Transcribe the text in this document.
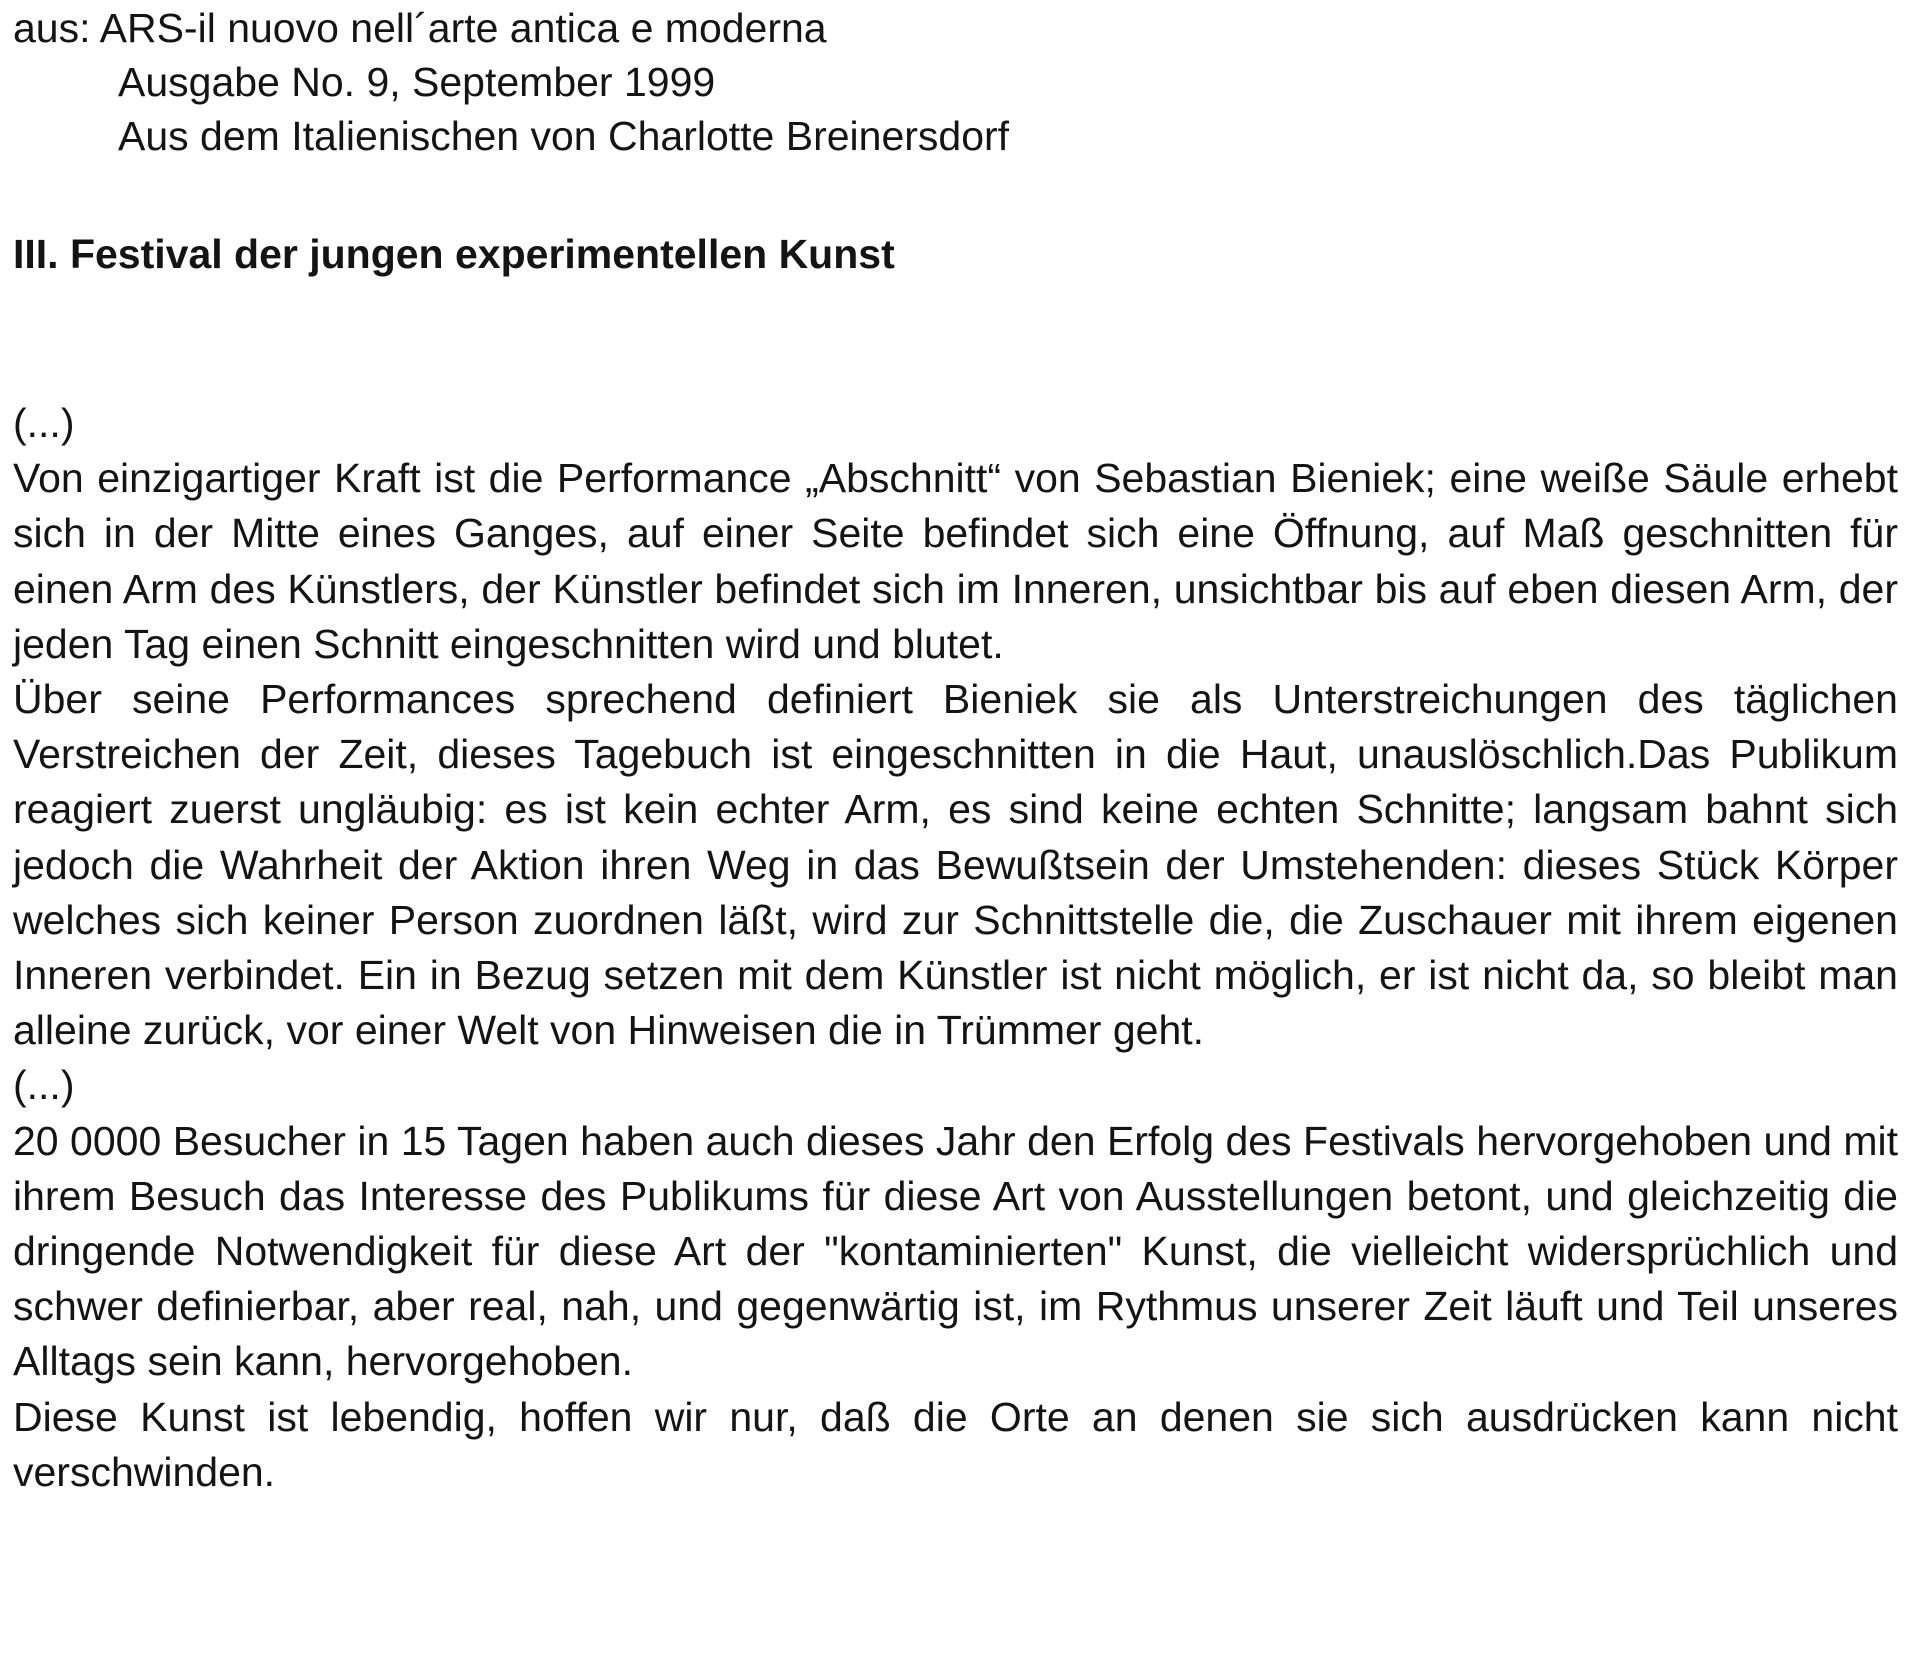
aus: ARS-il nuovo nell´arte antica e moderna
Ausgabe No. 9, September 1999
Aus dem Italienischen von Charlotte Breinersdorf
III. Festival der jungen experimentellen Kunst

(...)

Von einzigartiger Kraft ist die Performance „Abschnitt“ von Sebastian Bieniek; eine weiße Säule erhebt sich in der Mitte eines Ganges, auf einer Seite befindet sich eine Öffnung, auf Maß geschnitten für einen Arm des Künstlers, der Künstler befindet sich im Inneren, unsichtbar bis auf eben diesen Arm, der jeden Tag einen Schnitt eingeschnitten wird und blutet.

Über seine Performances sprechend definiert Bieniek sie als Unterstreichungen des täglichen Verstreichen der Zeit, dieses Tagebuch ist eingeschnitten in die Haut, unauslöschlich.Das Publikum reagiert zuerst ungläubig: es ist kein echter Arm, es sind keine echten Schnitte; langsam bahnt sich jedoch die Wahrheit der Aktion ihren Weg in das Bewußtsein der Umstehenden: dieses Stück Körper welches sich keiner Person zuordnen läßt, wird zur Schnittstelle die, die Zuschauer mit ihrem eigenen Inneren verbindet. Ein in Bezug setzen mit dem Künstler ist nicht möglich, er ist nicht da, so bleibt man alleine zurück, vor einer Welt von Hinweisen die in Trümmer geht.

(...)

20 0000 Besucher in 15 Tagen haben auch dieses Jahr den Erfolg des Festivals hervorgehoben und mit ihrem Besuch das Interesse des Publikums für diese Art von Ausstellungen betont, und gleichzeitig die dringende Notwendigkeit für diese Art der "kontaminierten" Kunst, die vielleicht widersprüchlich und schwer definierbar, aber real, nah, und gegenwärtig ist, im Rythmus unserer Zeit läuft und Teil unseres Alltags sein kann, hervorgehoben.

Diese Kunst ist lebendig, hoffen wir nur, daß die Orte an denen sie sich ausdrücken kann nicht verschwinden.
